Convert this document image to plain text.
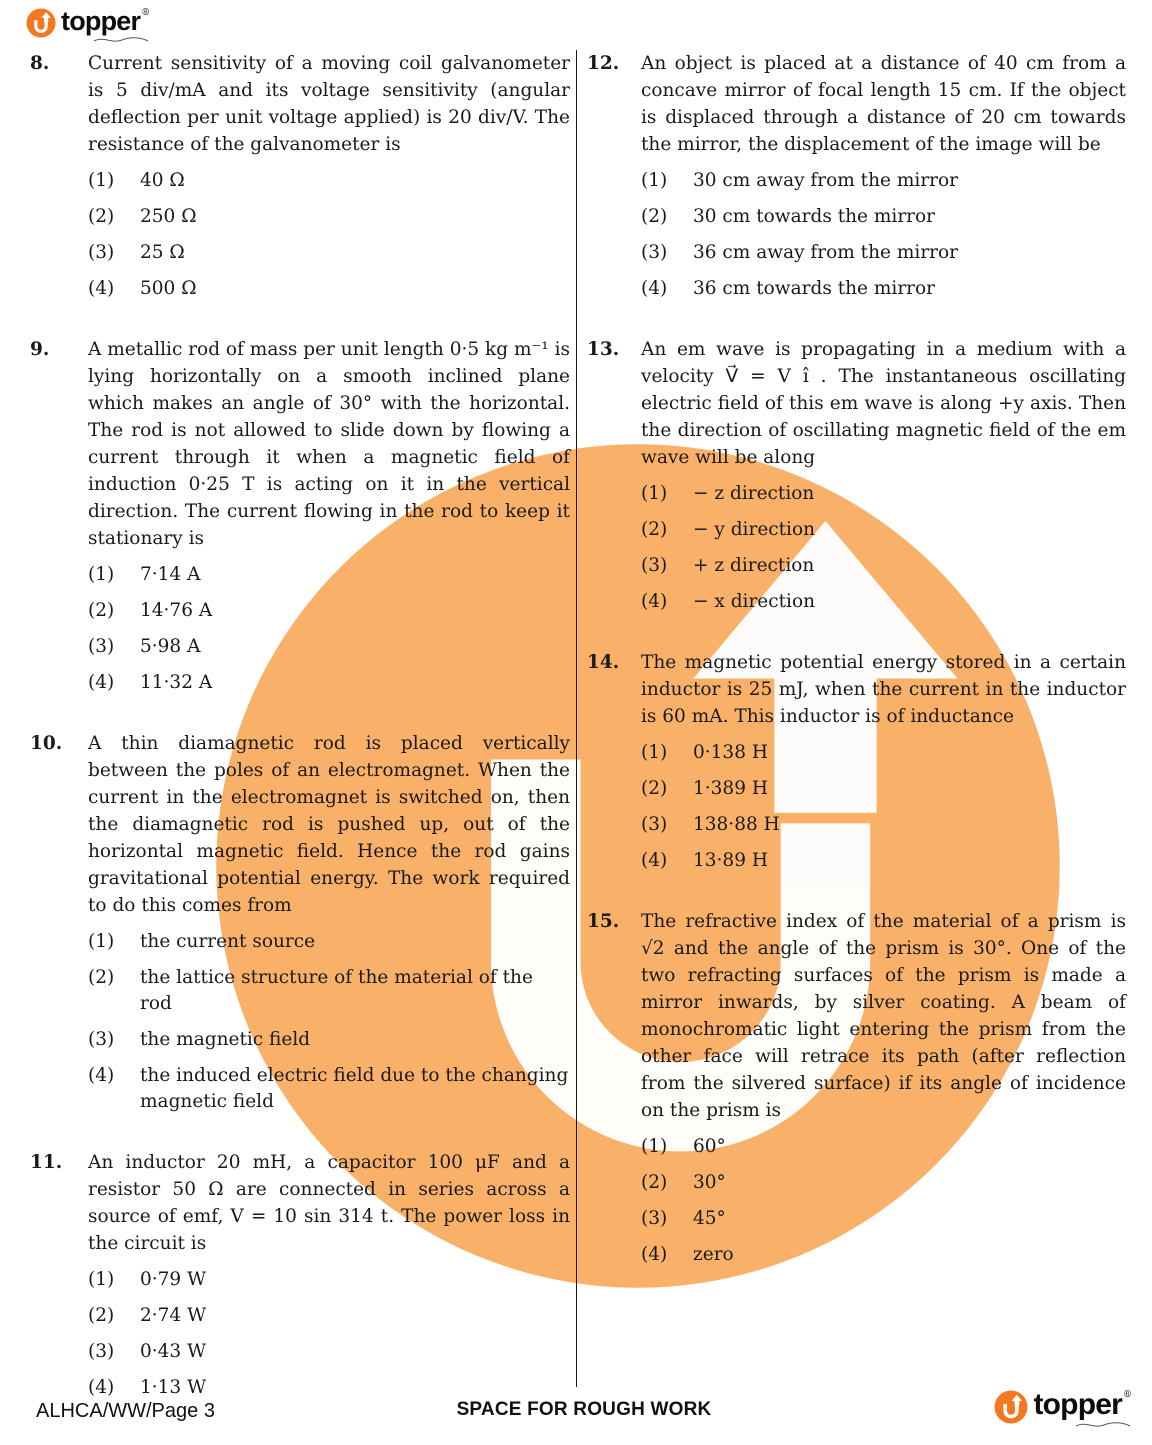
topper ®
8.	Current sensitivity of a moving coil galvanometer is 5 div/mA and its voltage sensitivity (angular deflection per unit voltage applied) is 20 div/V. The resistance of the galvanometer is
(1)	40 Ω
(2)	250 Ω
(3)	25 Ω
(4)	500 Ω
9.	A metallic rod of mass per unit length 0·5 kg m⁻¹ is lying horizontally on a smooth inclined plane which makes an angle of 30° with the horizontal. The rod is not allowed to slide down by flowing a current through it when a magnetic field of induction 0·25 T is acting on it in the vertical direction. The current flowing in the rod to keep it stationary is
(1)	7·14 A
(2)	14·76 A
(3)	5·98 A
(4)	11·32 A
10.	A thin diamagnetic rod is placed vertically between the poles of an electromagnet. When the current in the electromagnet is switched on, then the diamagnetic rod is pushed up, out of the horizontal magnetic field. Hence the rod gains gravitational potential energy. The work required to do this comes from
(1)	the current source
(2)	the lattice structure of the material of the rod
(3)	the magnetic field
(4)	the induced electric field due to the changing magnetic field
11.	An inductor 20 mH, a capacitor 100 μF and a resistor 50 Ω are connected in series across a source of emf, V = 10 sin 314 t. The power loss in the circuit is
(1)	0·79 W
(2)	2·74 W
(3)	0·43 W
(4)	1·13 W
12.	An object is placed at a distance of 40 cm from a concave mirror of focal length 15 cm. If the object is displaced through a distance of 20 cm towards the mirror, the displacement of the image will be
(1)	30 cm away from the mirror
(2)	30 cm towards the mirror
(3)	36 cm away from the mirror
(4)	36 cm towards the mirror
13.	An em wave is propagating in a medium with a velocity V⃗ = V î . The instantaneous oscillating electric field of this em wave is along +y axis. Then the direction of oscillating magnetic field of the em wave will be along
(1)	− z direction
(2)	− y direction
(3)	+ z direction
(4)	− x direction
14.	The magnetic potential energy stored in a certain inductor is 25 mJ, when the current in the inductor is 60 mA. This inductor is of inductance
(1)	0·138 H
(2)	1·389 H
(3)	138·88 H
(4)	13·89 H
15.	The refractive index of the material of a prism is √2 and the angle of the prism is 30°. One of the two refracting surfaces of the prism is made a mirror inwards, by silver coating. A beam of monochromatic light entering the prism from the other face will retrace its path (after reflection from the silvered surface) if its angle of incidence on the prism is
(1)	60°
(2)	30°
(3)	45°
(4)	zero
ALHCA/WW/Page 3	SPACE FOR ROUGH WORK	topper ®
